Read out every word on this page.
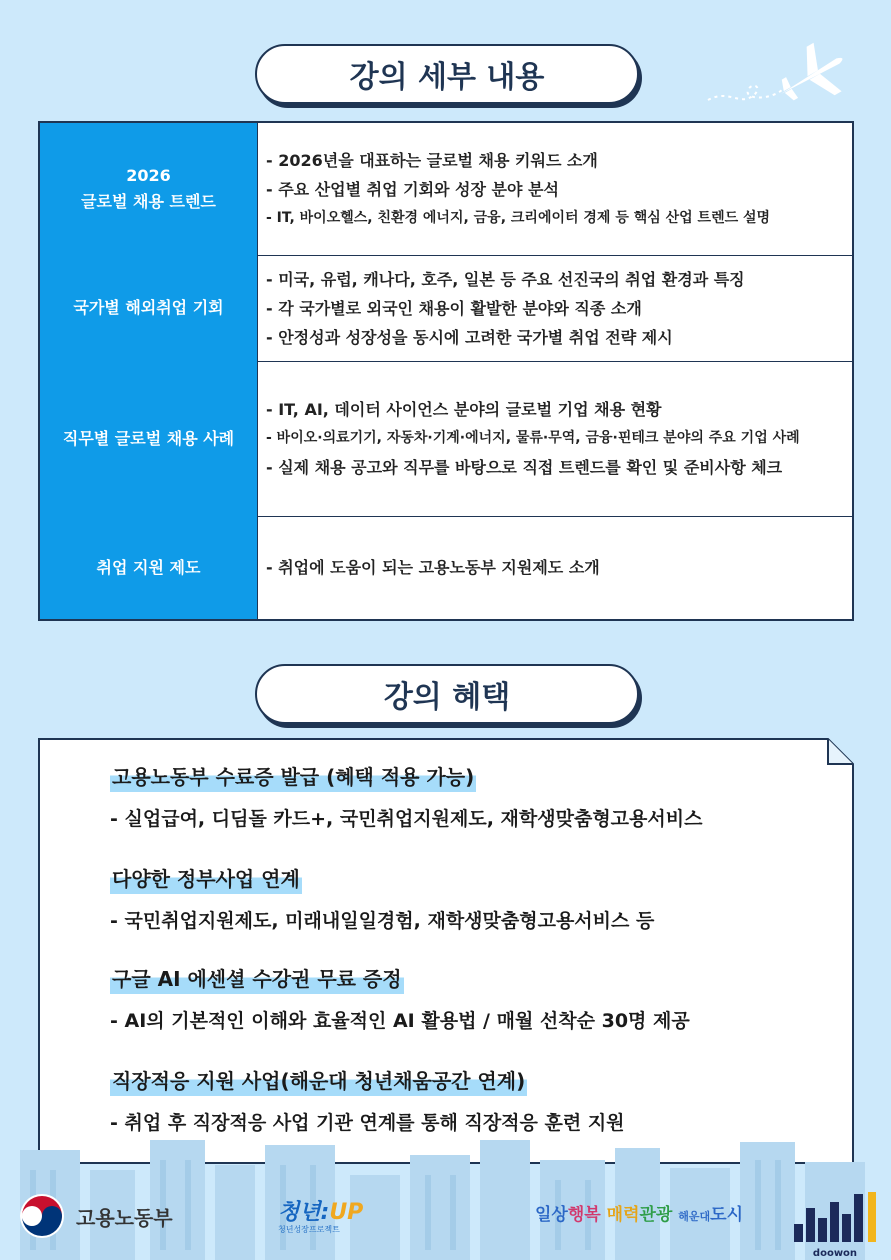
강의 세부 내용
2026
글로벌 채용 트렌드
- 2026년을 대표하는 글로벌 채용 키워드 소개
- 주요 산업별 취업 기회와 성장 분야 분석
- IT, 바이오헬스, 친환경 에너지, 금융, 크리에이터 경제 등 핵심 산업 트렌드 설명
국가별 해외취업 기회
- 미국, 유럽, 캐나다, 호주, 일본 등 주요 선진국의 취업 환경과 특징
- 각 국가별로 외국인 채용이 활발한 분야와 직종 소개
- 안정성과 성장성을 동시에 고려한 국가별 취업 전략 제시
직무별 글로벌 채용 사례
- IT, AI, 데이터 사이언스 분야의 글로벌 기업 채용 현황
- 바이오·의료기기, 자동차·기계·에너지, 물류·무역, 금융·핀테크 분야의 주요 기업 사례
- 실제 채용 공고와 직무를 바탕으로 직접 트렌드를 확인 및 준비사항 체크
취업 지원 제도	- 취업에 도움이 되는 고용노동부 지원제도 소개
강의 혜택
고용노동부 수료증 발급 (혜택 적용 가능)
- 실업급여, 디딤돌 카드+, 국민취업지원제도, 재학생맞춤형고용서비스
다양한 정부사업 연계
- 국민취업지원제도, 미래내일일경험, 재학생맞춤형고용서비스 등
구글 AI 에센셜 수강권 무료 증정
- AI의 기본적인 이해와 효율적인 AI 활용법 / 매월 선착순 30명 제공
직장적응 지원 사업(해운대 청년채움공간 연계)
- 취업 후 직장적응 사업 기관 연계를 통해 직장적응 훈련 지원
고용노동부	청년:UP
청년성장프로젝트
일상행복 매력관광 해운대도시
doowon
